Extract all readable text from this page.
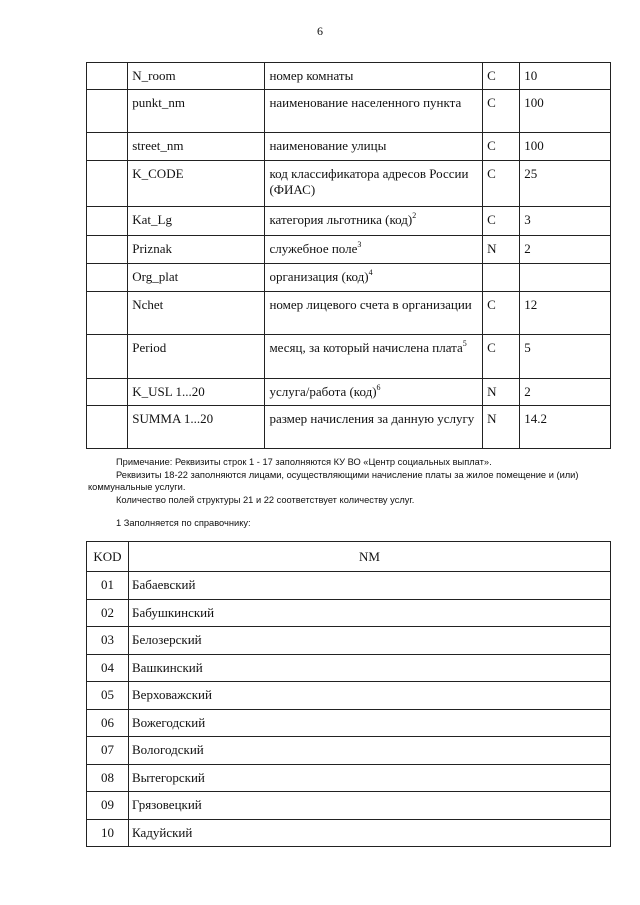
6
	N_room	номер комнаты	C	10
	punkt_nm	наименование населенного пункта	C	100
	street_nm	наименование улицы	C	100
	K_CODE	код классификатора адресов России (ФИАС)	C	25
	Kat_Lg	категория льготника (код)$^2$	C	3
	Priznak	служебное поле$^3$	N	2
	Org_plat	организация (код)$^4$		
	Nchet	номер лицевого счета в организации	C	12
	Period	месяц, за который начислена плата$^5$	C	5
	K_USL 1...20	услуга/работа (код)$^6$	N	2
	SUMMA 1...20	размер начисления за данную услугу	N	14.2

Примечание: Реквизиты строк 1 - 17 заполняются КУ ВО «Центр социальных выплат».

Реквизиты 18-22 заполняются лицами, осуществляющими начисление платы за жилое помещение и (или) коммунальные услуги.

Количество полей структуры 21 и 22 соответствует количеству услуг.

1 Заполняется по справочнику:
KOD	NM
01	Бабаевский
02	Бабушкинский
03	Белозерский
04	Вашкинский
05	Верховажский
06	Вожегодский
07	Вологодский
08	Вытегорский
09	Грязовецкий
10	Кадуйский
